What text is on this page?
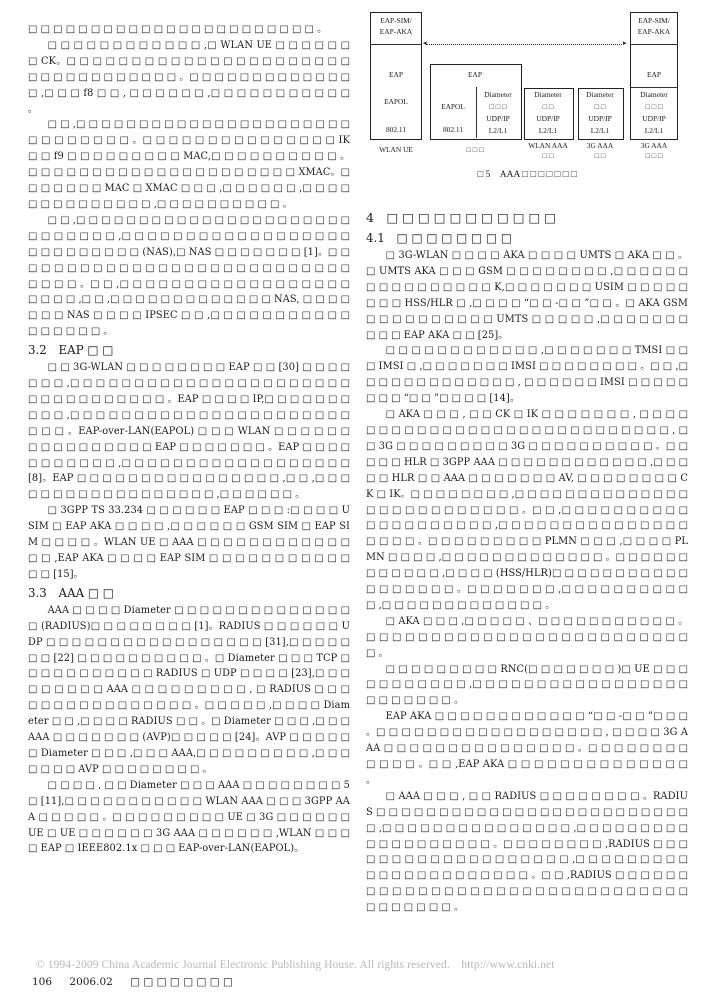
□ □ □ □ □ □ □ □ □ □ □ □ □ □ □ □ □ □ □ □ □ □ □ 。

□ □ □ □ □ □ □ □ □ □ □ □ ,□ WLAN UE □ □ □ □ □ □ □ CK。□ □ □ □ □ □ □ □ □ □ □ □ □ □ □ □ □ □ □ □ □ □ □ □ □ □ □ □ □ □ □ □ □ □ 。□ □ □ □ □ □ □ □ □ □ □ □ □ □ ,□ □ □ f8 □ □ , □ □ □ □ □ □ ,□ □ □ □ □ □ □ □ □ □ □ 。

□ □ ,□ □ □ □ □ □ □ □ □ □ □ □ □ □ □ □ □ □ □ □ □ □ □ □ □ □ □ □ □ □ 。□ □ □ □ □ □ □ □ □ □ □ □ □ □ □ IK □ □ f9 □ □ □ □ □ □ □ □ □ MAC,□ □ □ □ □ □ □ □ □ □ 。□ □ □ □ □ □ □ □ □ □ □ □ □ □ □ □ □ □ □ □ □ XMAC。□ □ □ □ □ □ □ MAC □ XMAC □ □ □ ,□ □ □ □ □ □ ,□ □ □ □ □ □ □ □ □ □ □ □ □ □ ,□ □ □ □ □ □ □ □ □ □ 。

□ □ ,□ □ □ □ □ □ □ □ □ □ □ □ □ □ □ □ □ □ □ □ □ □ □ □ □ □ □ □ □ ,□ □ □ □ □ □ □ □ □ □ □ □ □ □ □ □ □ □ □ □ □ □ □ □ □ □ □ (NAS),□ NAS □ □ □ □ □ □ □ [1]。□ □ □ □ □ □ □ □ □ □ □ □ □ □ □ □ □ □ □ □ □ □ □ □ □ □ □ □ □ □ □ 。□ □ ,□ □ □ □ □ □ □ □ □ □ □ □ □ □ □ □ □ □ □ □ □ □ ,□ □ ,□ □ □ □ □ □ □ □ □ □ □ □ □ NAS, □ □ □ □ □ □ □ NAS □ □ □ □ IPSEC □ □ ,□ □ □ □ □ □ □ □ □ □ □ □ □ □ □ □ □ 。

3.2　EAP □ □

□ □ 3G-WLAN □ □ □ □ □ □ □ □ EAP □ □ [30] □ □ □ □ □ □ □ ,□ □ □ □ □ □ □ □ □ □ □ □ □ □ □ □ □ □ □ □ □ □ □ □ □ □ □ □ □ □ □ □ □ 。EAP □ □ □ □ IP,□ □ □ □ □ □ □ □ □ □ ,□ □ □ □ □ □ □ □ □ □ □ □ □ □ □ □ □ □ □ □ □ □ □ □ □ 。EAP-over-LAN(EAPOL) □ □ □ WLAN □ □ □ □ □ □ □ □ □ □ □ □ □ □ □ □ EAP □ □ □ □ □ □ □ 。EAP □ □ □ □ □ □ □ □ □ □ □ ,□ □ □ □ □ □ □ □ □ □ □ □ □ □ □ □ □ □ [8]。EAP □ □ □ □ □ □ □ □ □ □ □ □ □ □ □ □ ,□ □ ,□ □ □ □ □ □ □ □ □ □ □ □ □ □ □ □ □ □ ,□ □ □ □ □ □ 。

□ 3GPP TS 33.234 □ □ □ □ □ □ EAP □ □ □ :□ □ □ □ USIM □ EAP AKA □ □ □ □ ,□ □ □ □ □ □ GSM SIM □ EAP SIM □ □ □ □ 。WLAN UE □ AAA □ □ □ □ □ □ □ □ □ □ □ □ □ □ ,EAP AKA □ □ □ □ EAP SIM □ □ □ □ □ □ □ □ □ □ □ □ □ [15]。

3.3　AAA □ □

AAA □ □ □ □ Diameter □ □ □ □ □ □ □ □ □ □ □ □ □ □ □ (RADIUS)□ □ □ □ □ □ □ □ [1]。RADIUS □ □ □ □ □ □ UDP □ □ □ □ □ □ □ □ □ □ □ □ □ □ □ □ □ [31],□ □ □ □ □ □ □ [22] □ □ □ □ □ □ □ □ □ □ 。□ Diameter □ □ □ TCP □ □ □ □ □ □ □ □ □ □ □ RADIUS □ UDP □ □ □ □ [23],□ □ □ □ □ □ □ □ □ AAA □ □ □ □ □ □ □ □ □ , □ RADIUS □ □ □ □ □ □ □ □ □ □ □ □ □ □ □ □ 。□ □ □ □ □ ,□ □ □ □ Diameter □ □ ,□ □ □ □ RADIUS □ □ 。□ Diameter □ □ □ ,□ □ □ AAA □ □ □ □ □ □ □ (AVP)□ □ □ □ □ [24]。AVP □ □ □ □ □ □ Diameter □ □ □ ,□ □ □ AAA,□ □ □ □ □ □ □ □ □ ,□ □ □ □ □ □ □ AVP □ □ □ □ □ □ □ □ 。

□ □ □ □ , □ □ Diameter □ □ □ AAA □ □ □ □ □ □ □ □ 5 □ [11],□ □ □ □ □ □ □ □ □ □ □ WLAN AAA □ □ □ 3GPP AAA □ □ □ □ □ 。□ □ □ □ □ □ □ □ □ UE □ 3G □ □ □ □ □ □ UE □ UE □ □ □ □ □ □ 3G AAA □ □ □ □ □ □ ,WLAN □ □ □ □ EAP □ IEEE802.1x □ □ □ EAP-over-LAN(EAPOL)。

EAP-SIM/
EAP-AKA
EAP
EAPOL
802.11
◂
EAP
EAPOL
802.11
Diameter
□ □ □
UDP/IP
L2/L1
Diameter
□ □
UDP/IP
L2/L1
Diameter
□ □
UDP/IP
L2/L1
▸
EAP-SIM/
EAP-AKA
EAP
Diameter
□ □ □
UDP/IP
L2/L1
WLAN UE	□ □ □	WLAN AAA
□ □
3G AAA
□ □
3G AAA
□ □ □
□ 5　AAA □ □ □ □ □ □ □
4　□ □ □ □ □ □ □ □ □ □ □
4.1　□ □ □ □ □ □ □ □

□ 3G-WLAN □ □ □ □ AKA □ □ □ □ UMTS □ AKA □ □ 。□ UMTS AKA □ □ □ GSM □ □ □ □ □ □ □ □ ,□ □ □ □ □ □ □ □ □ □ □ □ □ □ □ □ K,□ □ □ □ □ □ □ USIM □ □ □ □ □ □ □ □ HSS/HLR □ ,□ □ □ □ “□ □ -□ □ ”□ □ 。□ AKA GSM □ □ □ □ □ □ □ □ □ □ UMTS □ □ □ □ □ ,□ □ □ □ □ □ □ □ □ □ EAP AKA □ □ [25]。

□ □ □ □ □ □ □ □ □ □ □ □ ,□ □ □ □ □ □ □ TMSI □ □ □ IMSI □ ,□ □ □ □ □ □ □ IMSI □ □ □ □ □ □ □ □ 。□ □ ,□ □ □ □ □ □ □ □ □ □ □ □ □ , □ □ □ □ □ □ IMSI □ □ □ □ □ □ □ □ “□ □ ”□ □ □ □ [14]。

□ AKA □ □ □ , □ □ CK □ IK □ □ □ □ □ □ □ , □ □ □ □ □ □ □ □ □ □ □ □ □ □ □ □ □ □ □ □ □ □ □ □ □ □ □ □ , □ □ 3G □ □ □ □ □ □ □ □ □ 3G □ □ □ □ □ □ □ □ □ □ 。□ □ □ □ □ HLR □ 3GPP AAA □ □ □ □ □ □ □ □ □ □ □ □ ,□ □ □ □ □ HLR □ □ AAA □ □ □ □ □ □ □ AV, □ □ □ □ □ □ □ □ CK □ IK。□ □ □ □ □ □ □ □ ,□ □ □ □ □ □ □ □ □ □ □ □ □ □ □ □ □ □ □ □ □ □ □ □ □ □ 。□ □ ,□ □ □ □ □ □ □ □ □ □ □ □ □ □ □ □ □ □ □ □ ,□ □ □ □ □ □ □ □ □ □ □ □ □ □ □ □ □ □ □ 。□ □ □ □ □ □ □ □ □ PLMN □ □ □ ,□ □ □ □ PLMN □ □ □ □ ,□ □ □ □ □ □ □ □ □ □ □ □ □ 。□ □ □ □ □ □ □ □ □ □ □ □ ,□ □ □ □ (HSS/HLR)□ □ □ □ □ □ □ □ □ □ □ □ □ □ □ □ □ □ 。□ □ □ □ □ □ □ ,□ □ □ □ □ □ □ □ □ □ □ ,□ □ □ □ □ □ □ □ □ □ □ □ □ 。

□ AKA □ □ □ ,□ □ □ □ □ 、□ □ □ □ □ □ □ □ □ □ □ 。□ □ □ □ □ □ □ □ □ □ □ □ □ □ □ □ □ □ □ □ □ □ □ □ □ □ 。

□ □ □ □ □ □ □ □ □ RNC(□ □ □ □ □ □ □ )□ UE □ □ □ □ □ □ □ □ □ □ □ ,□ □ □ □ □ □ □ □ □ □ □ □ □ □ □ □ □ □ □ □ □ □ □ □ 。

EAP AKA □ □ □ □ □ □ □ □ □ □ □ □ “□ □ -□ □ ”□ □ □ 。□ □ □ □ □ □ □ □ □ □ □ □ □ □ □ □ □ □ , □ □ □ □ 3G AAA □ □ □ □ □ □ □ □ □ □ □ □ □ □ □ 。□ □ □ □ □ □ □ □ □ □ □ □ 。□ □ ,EAP AKA □ □ □ □ □ □ □ □ □ □ □ □ □ □ 。

□ AAA □ □ □ , □ □ RADIUS □ □ □ □ □ □ □ □ 。RADIUS □ □ □ □ □ □ □ □ □ □ □ □ □ □ □ □ □ □ □ □ □ □ □ □ □ □ ,□ □ □ □ □ □ □ □ □ □ □ □ □ □ □ ,□ □ □ □ □ □ □ □ □ □ □ □ □ □ □ □ □ □ □ 。□ □ □ □ □ □ □ □ ,RADIUS □ □ □ □ □ □ □ □ □ □ □ □ □ □ □ □ □ □ □ ,□ □ □ □ □ □ □ □ □ □ □ □ □ □ □ □ □ □ □ □ □ □ 。□ □ ,RADIUS □ □ □ □ □ □ □ □ □ □ □ □ □ □ □ □ □ □ □ □ □ □ □ □ □ □ □ □ □ □ □ □ □ □ □ □ □ □ 。

© 1994-2009 China Academic Journal Electronic Publishing House. All rights reserved.　http://www.cnki.net
106 2006.02 □ □ □ □ □ □ □ □
